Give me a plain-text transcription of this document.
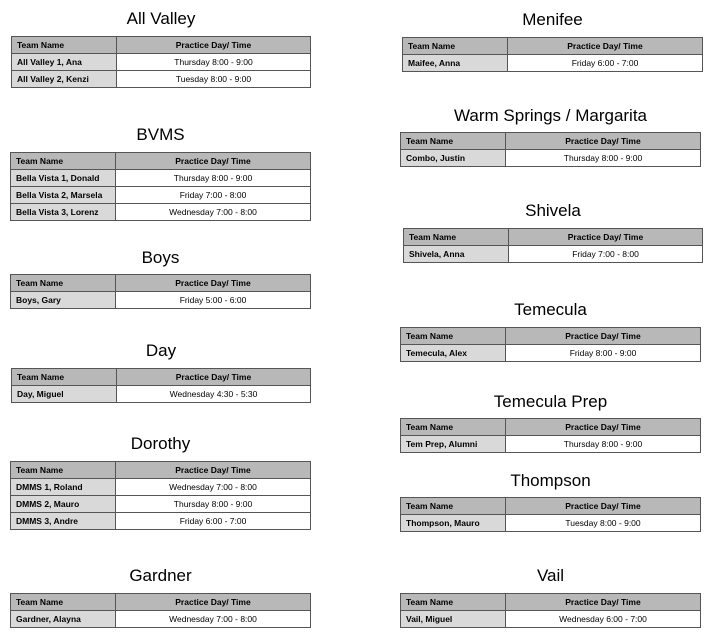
All Valley
Team Name	Practice Day/ Time
All Valley 1, Ana	Thursday 8:00 - 9:00
All Valley 2, Kenzi	Tuesday 8:00 - 9:00
BVMS
Team Name	Practice Day/ Time
Bella Vista 1, Donald	Thursday 8:00 - 9:00
Bella Vista 2, Marsela	Friday 7:00 - 8:00
Bella Vista 3, Lorenz	Wednesday 7:00 - 8:00
Boys
Team Name	Practice Day/ Time
Boys, Gary	Friday 5:00 - 6:00
Day
Team Name	Practice Day/ Time
Day, Miguel	Wednesday 4:30 - 5:30
Dorothy
Team Name	Practice Day/ Time
DMMS 1, Roland	Wednesday 7:00 - 8:00
DMMS 2, Mauro	Thursday 8:00 - 9:00
DMMS 3, Andre	Friday 6:00 - 7:00
Gardner
Team Name	Practice Day/ Time
Gardner, Alayna	Wednesday 7:00 - 8:00
Menifee
Team Name	Practice Day/ Time
Maifee, Anna	Friday 6:00 - 7:00
Warm Springs / Margarita
Team Name	Practice Day/ Time
Combo, Justin	Thursday 8:00 - 9:00
Shivela
Team Name	Practice Day/ Time
Shivela, Anna	Friday 7:00 - 8:00
Temecula
Team Name	Practice Day/ Time
Temecula, Alex	Friday 8:00 - 9:00
Temecula Prep
Team Name	Practice Day/ Time
Tem Prep, Alumni	Thursday 8:00 - 9:00
Thompson
Team Name	Practice Day/ Time
Thompson, Mauro	Tuesday 8:00 - 9:00
Vail
Team Name	Practice Day/ Time
Vail, Miguel	Wednesday 6:00 - 7:00
